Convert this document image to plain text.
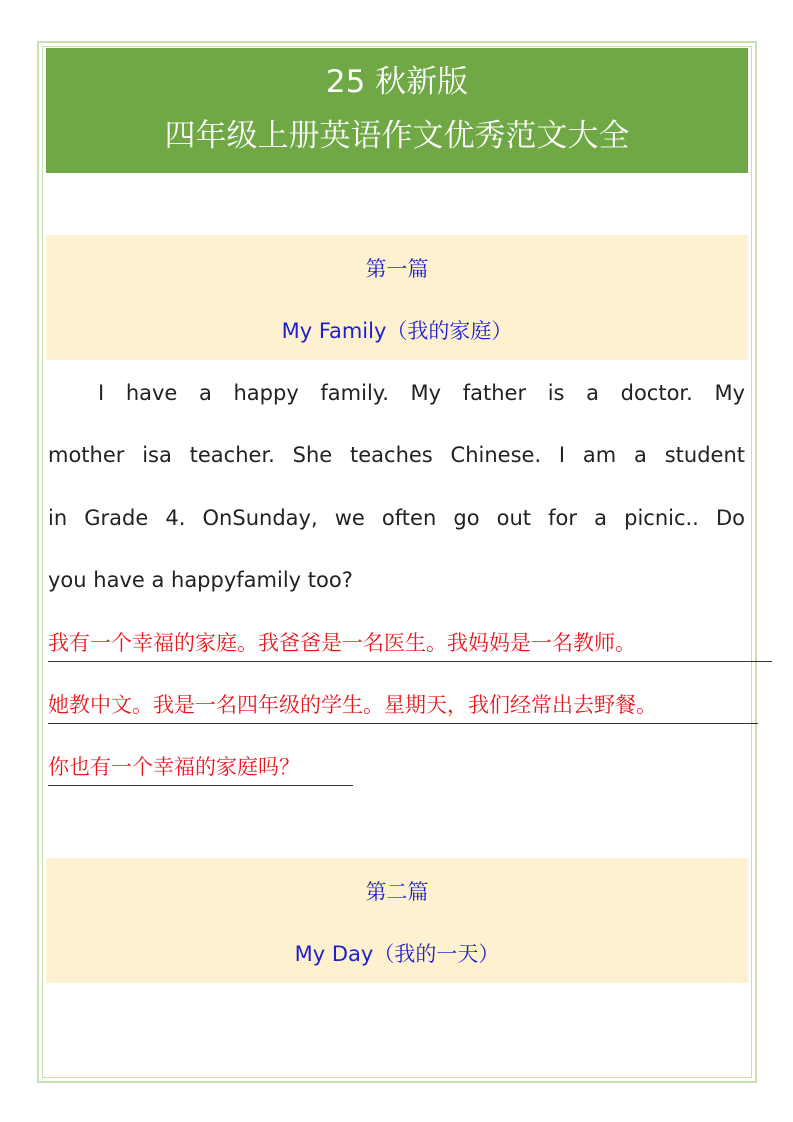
25 秋新版
四年级上册英语作文优秀范文大全
第一篇
My Family（我的家庭）
I have a happy family. My father is a doctor. My
mother isa teacher. She teaches Chinese. I am a student
in Grade 4. OnSunday, we often go out for a picnic.. Do
you have a happyfamily too?
我有一个幸福的家庭。我爸爸是一名医生。我妈妈是一名教师。
她教中文。我是一名四年级的学生。星期天，我们经常出去野餐。
你也有一个幸福的家庭吗？
第二篇
My Day（我的一天）
